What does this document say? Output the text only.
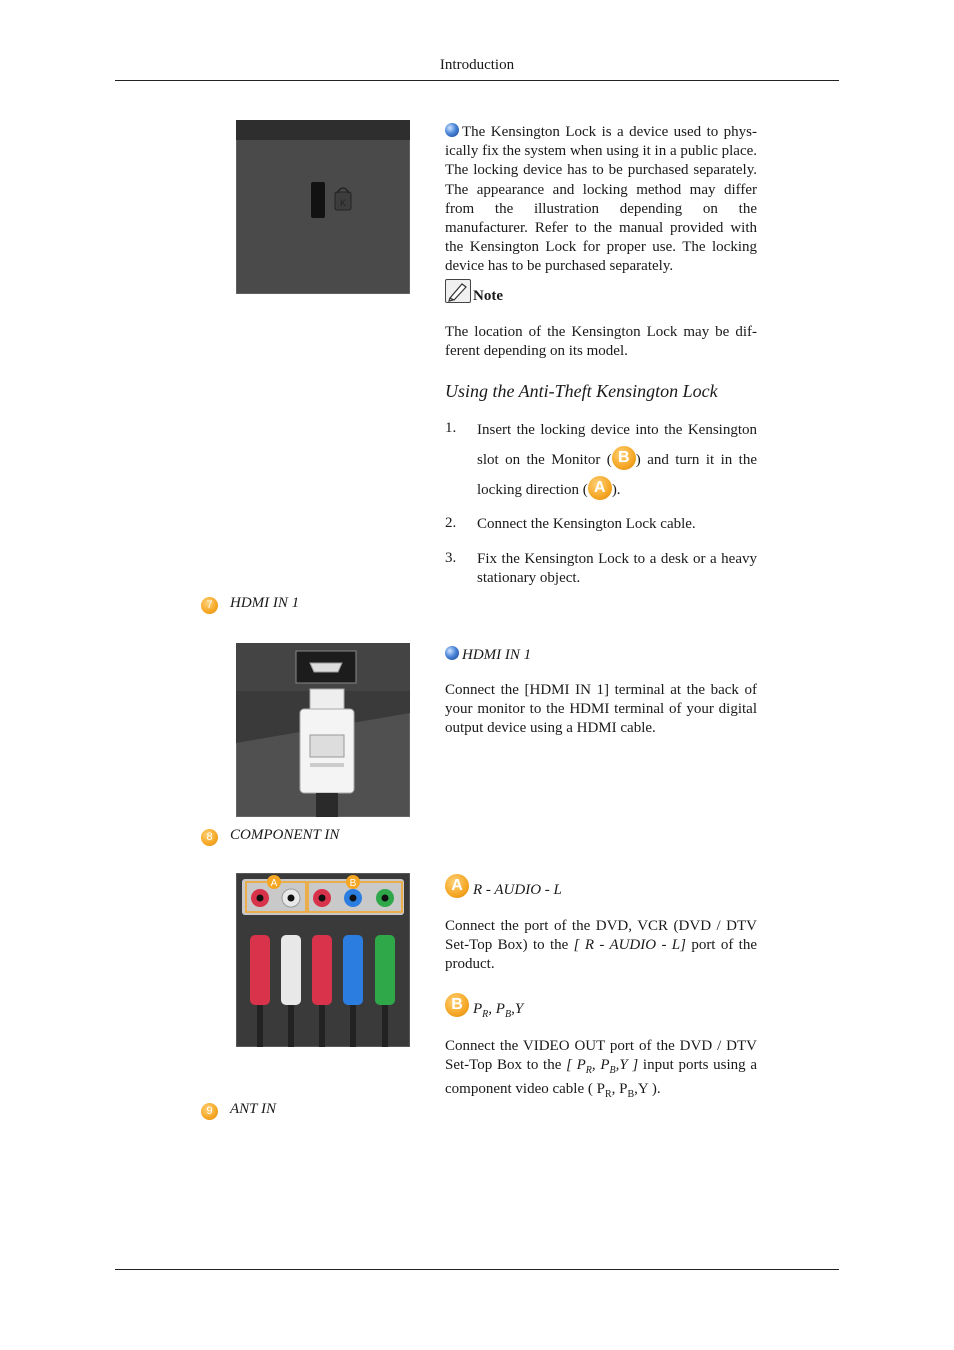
Introduction
K
The Kensington Lock is a device used to phys-ically fix the system when using it in a public place. The locking device has to be purchased separately. The appearance and locking method may differ from the illustration depending on the manufacturer. Refer to the manual provided with the Kensington Lock for proper use. The locking device has to be purchased separately.
Note
The location of the Kensington Lock may be dif-ferent depending on its model.
Using the Anti-Theft Kensington Lock
1. Insert the locking device into the Kensington slot on the Monitor ( B ) and turn it in the locking direction ( A ).
2. Connect the Kensington Lock cable.
3. Fix the Kensington Lock to a desk or a heavy stationary object.
7	HDMI IN 1
HDMI IN 1
Connect the [HDMI IN 1] terminal at the back of your monitor to the HDMI terminal of your digital output device using a HDMI cable.
8	COMPONENT IN
A	B	A R - AUDIO - L
Connect the port of the DVD, VCR (DVD / DTV Set-Top Box) to the [ R - AUDIO - L] port of the product.
B $P_R$, $P_B,Y$
Connect the VIDEO OUT port of the DVD / DTV Set-Top Box to the [ $P_R$, $P_B,Y$ ] input ports using a component video cable ( $P_R$, $P_B,Y$ ).
9	ANT IN
